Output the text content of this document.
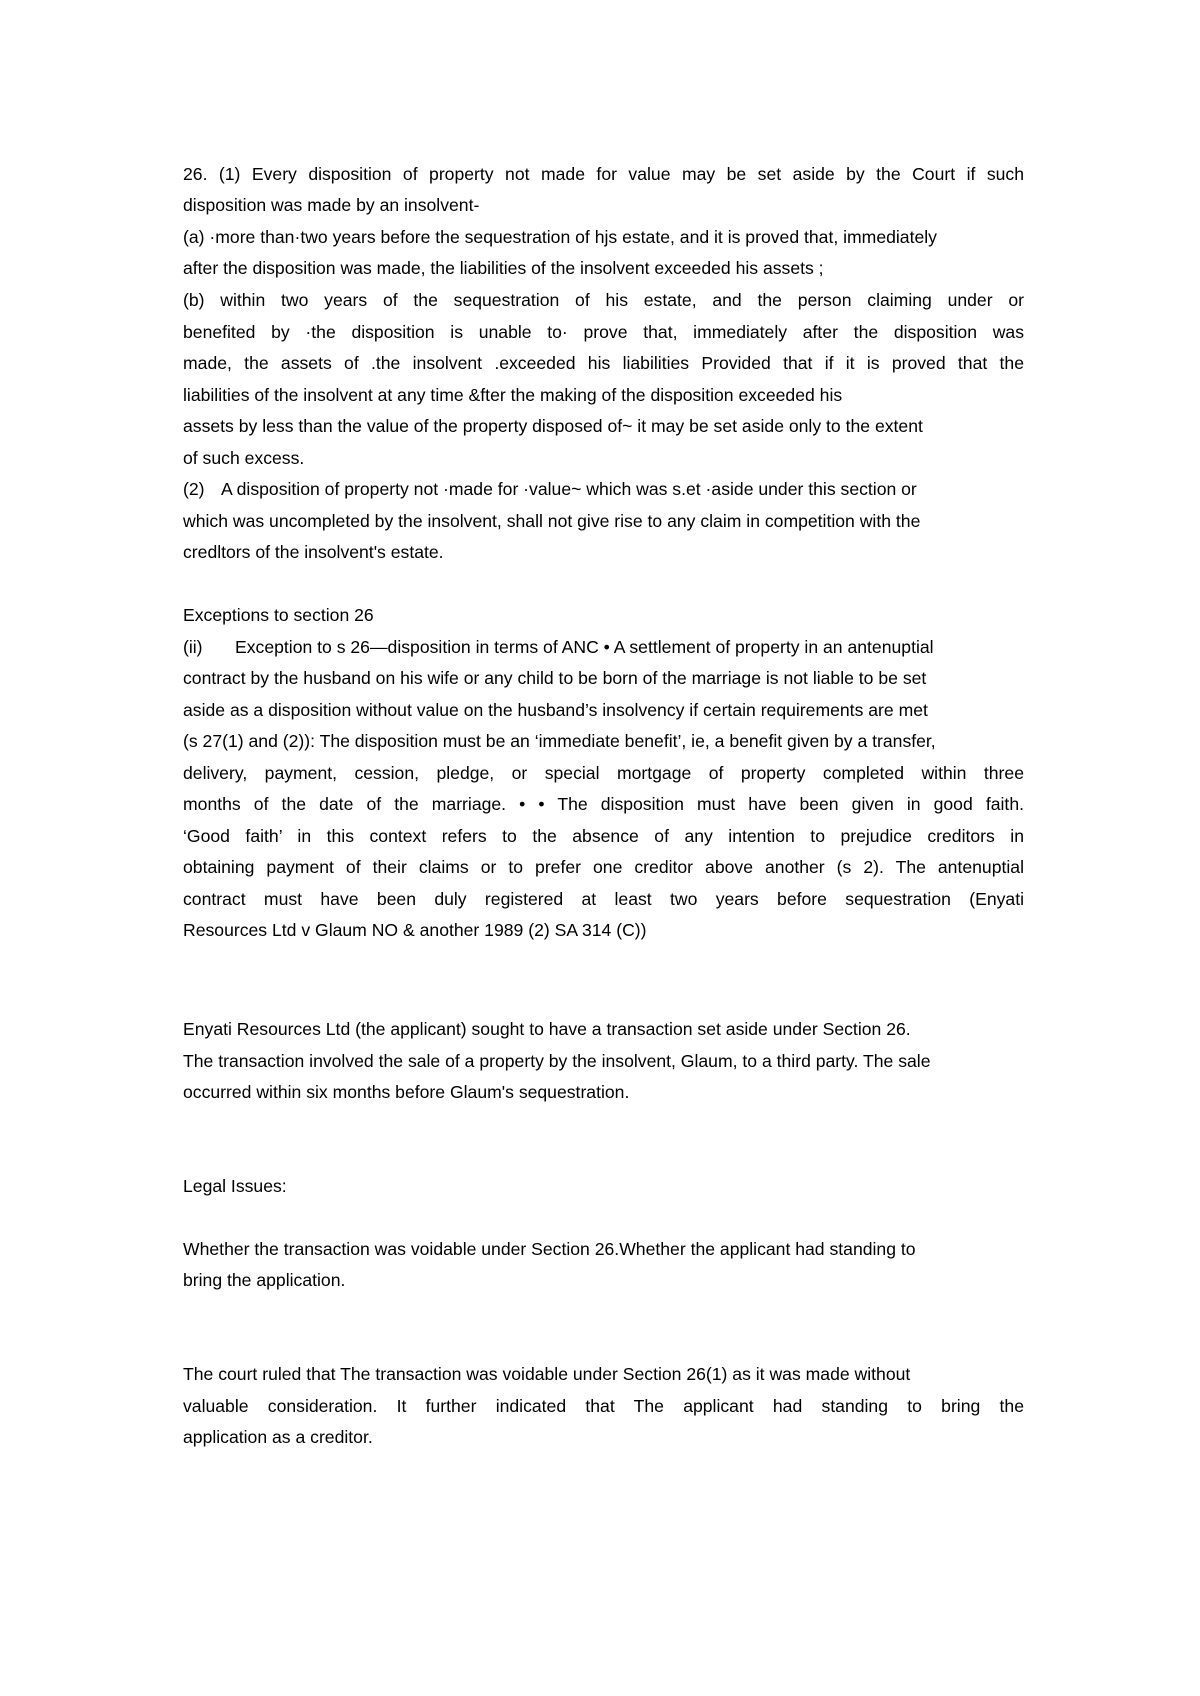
26. (1) Every disposition of property not made for value may be set aside by the Court if such
disposition was made by an insolvent-
(a) ·more than·two years before the sequestration of hjs estate, and it is proved that, immediately
after the disposition was made, the liabilities of the insolvent exceeded his assets ;
(b) within two years of the sequestration of his estate, and the person claiming under or
benefited by ·the disposition is unable to· prove that, immediately after the disposition was
made, the assets of .the insolvent .exceeded his liabilities Provided that if it is proved that the
liabilities of the insolvent at any time &fter the making of the disposition exceeded his
assets by less than the value of the property disposed of~ it may be set aside only to the extent
of such excess.
(2) A disposition of property not ·made for ·value~ which was s.et ·aside under this section or
which was uncompleted by the insolvent, shall not give rise to any claim in competition with the
credltors of the insolvent's estate.
Exceptions to section 26
(ii) Exception to s 26—disposition in terms of ANC • A settlement of property in an antenuptial
contract by the husband on his wife or any child to be born of the marriage is not liable to be set
aside as a disposition without value on the husband’s insolvency if certain requirements are met
(s 27(1) and (2)): The disposition must be an ‘immediate benefit’, ie, a benefit given by a transfer,
delivery, payment, cession, pledge, or special mortgage of property completed within three
months of the date of the marriage. • • The disposition must have been given in good faith.
‘Good faith’ in this context refers to the absence of any intention to prejudice creditors in
obtaining payment of their claims or to prefer one creditor above another (s 2). The antenuptial
contract must have been duly registered at least two years before sequestration (Enyati
Resources Ltd v Glaum NO & another 1989 (2) SA 314 (C))
Enyati Resources Ltd (the applicant) sought to have a transaction set aside under Section 26.
The transaction involved the sale of a property by the insolvent, Glaum, to a third party. The sale
occurred within six months before Glaum's sequestration.
Legal Issues:
Whether the transaction was voidable under Section 26.Whether the applicant had standing to
bring the application.
The court ruled that The transaction was voidable under Section 26(1) as it was made without
valuable consideration. It further indicated that The applicant had standing to bring the
application as a creditor.
